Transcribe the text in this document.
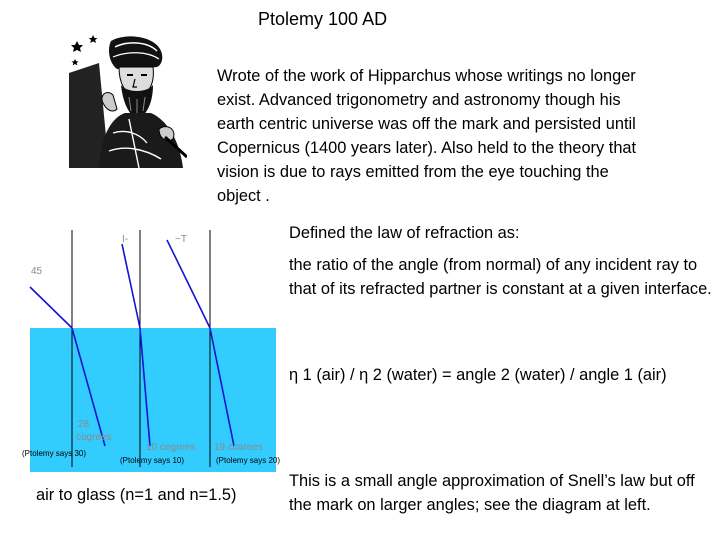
Ptolemy 100 AD
Wrote of the work of Hipparchus whose writings no longer exist. Advanced trigonometry and astronomy though his earth centric universe was off the mark and persisted until Copernicus (1400 years later). Also held to the theory that vision is due to rays emitted from the eye touching the object .
Defined the law of refraction as:
the ratio of the angle (from normal) of any incident ray to that of its refracted partner is constant at a given interface.
η 1 (air) / η 2 (water) = angle 2 (water) / angle 1 (air)
This is a small angle approximation of Snell’s law but off the mark on larger angles; see the diagram at left.
45
I-	~T
28
cogrees
10 cegrees 19 ccarees
(Ptolemy says 30)
(Ptolemy says 10)	(Ptolemy says 20)
air to glass (n=1 and n=1.5)
